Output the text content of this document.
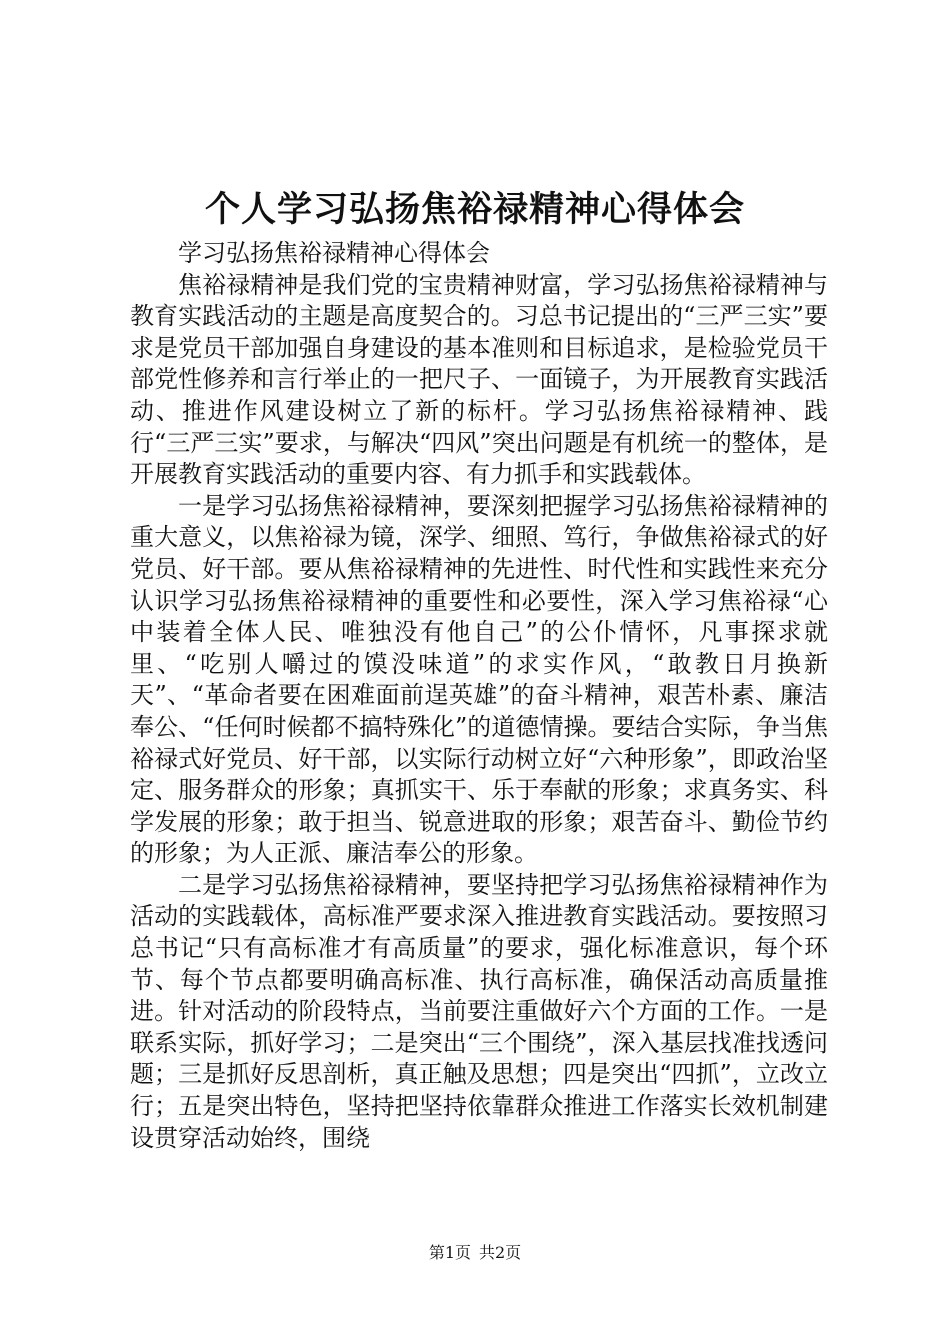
个人学习弘扬焦裕禄精神心得体会

学习弘扬焦裕禄精神心得体会

焦裕禄精神是我们党的宝贵精神财富，学习弘扬焦裕禄精神与教育实践活动的主题是高度契合的。习总书记提出的“三严三实”要求是党员干部加强自身建设的基本准则和目标追求，是检验党员干部党性修养和言行举止的一把尺子、一面镜子，为开展教育实践活动、推进作风建设树立了新的标杆。学习弘扬焦裕禄精神、践行“三严三实”要求，与解决“四风”突出问题是有机统一的整体，是开展教育实践活动的重要内容、有力抓手和实践载体。

一是学习弘扬焦裕禄精神，要深刻把握学习弘扬焦裕禄精神的重大意义，以焦裕禄为镜，深学、细照、笃行，争做焦裕禄式的好党员、好干部。要从焦裕禄精神的先进性、时代性和实践性来充分认识学习弘扬焦裕禄精神的重要性和必要性，深入学习焦裕禄“心中装着全体人民、唯独没有他自己”的公仆情怀，凡事探求就里、“吃别人嚼过的馍没味道”的求实作风，“敢教日月换新天”、“革命者要在困难面前逞英雄”的奋斗精神，艰苦朴素、廉洁奉公、“任何时候都不搞特殊化”的道德情操。要结合实际，争当焦裕禄式好党员、好干部，以实际行动树立好“六种形象”，即政治坚定、服务群众的形象；真抓实干、乐于奉献的形象；求真务实、科学发展的形象；敢于担当、锐意进取的形象；艰苦奋斗、勤俭节约的形象；为人正派、廉洁奉公的形象。

二是学习弘扬焦裕禄精神，要坚持把学习弘扬焦裕禄精神作为活动的实践载体，高标准严要求深入推进教育实践活动。要按照习总书记“只有高标准才有高质量”的要求，强化标准意识，每个环节、每个节点都要明确高标准、执行高标准，确保活动高质量推进。针对活动的阶段特点，当前要注重做好六个方面的工作。一是联系实际，抓好学习；二是突出“三个围绕”，深入基层找准找透问题；三是抓好反思剖析，真正触及思想；四是突出“四抓”，立改立行；五是突出特色，坚持把坚持依靠群众推进工作落实长效机制建设贯穿活动始终，围绕

第1页 共2页
